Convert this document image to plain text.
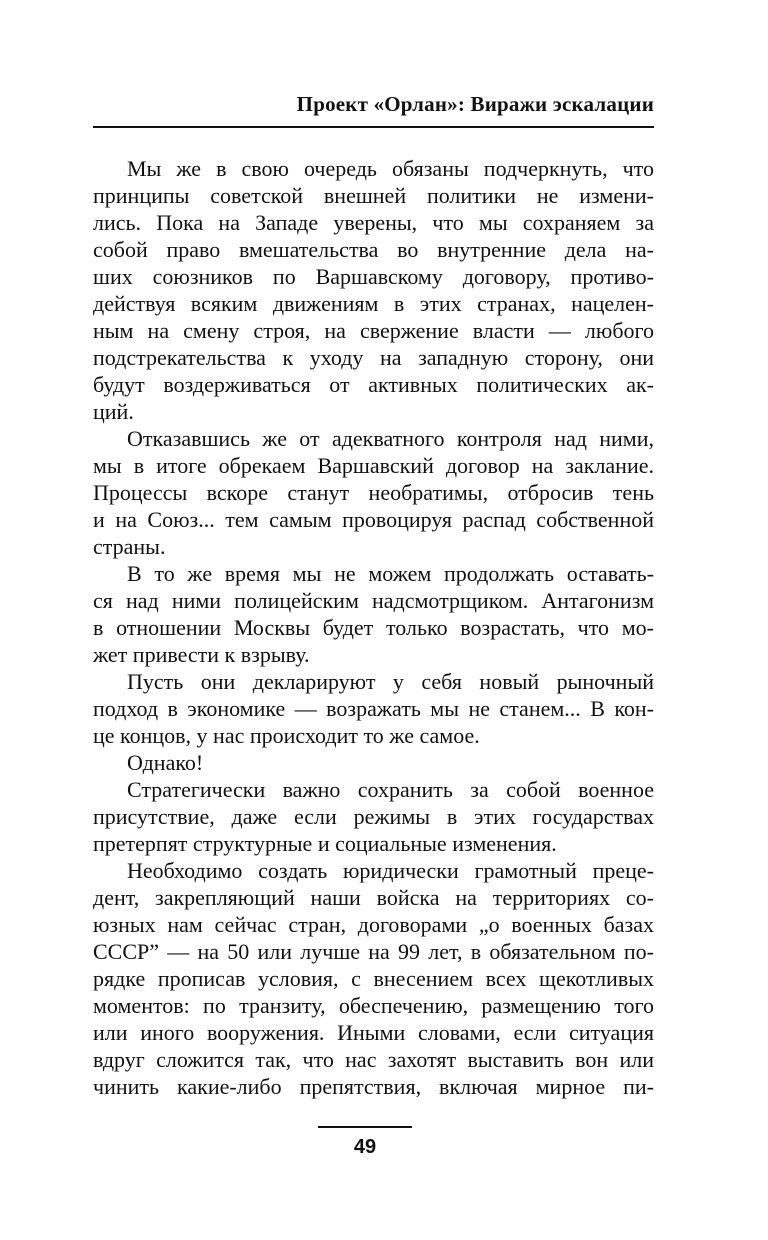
Проект «Орлан»: Виражи эскалации
Мы же в свою очередь обязаны подчеркнуть, что
принципы советской внешней политики не измени-
лись. Пока на Западе уверены, что мы сохраняем за
собой право вмешательства во внутренние дела на-
ших союзников по Варшавскому договору, противо-
действуя всяким движениям в этих странах, нацелен-
ным на смену строя, на свержение власти — любого
подстрекательства к уходу на западную сторону, они
будут воздерживаться от активных политических ак-
ций.
Отказавшись же от адекватного контроля над ними,
мы в итоге обрекаем Варшавский договор на заклание.
Процессы вскоре станут необратимы, отбросив тень
и на Союз... тем самым провоцируя распад собственной
страны.
В то же время мы не можем продолжать оставать-
ся над ними полицейским надсмотрщиком. Антагонизм
в отношении Москвы будет только возрастать, что мо-
жет привести к взрыву.
Пусть они декларируют у себя новый рыночный
подход в экономике — возражать мы не станем... В кон-
це концов, у нас происходит то же самое.
Однако!
Стратегически важно сохранить за собой военное
присутствие, даже если режимы в этих государствах
претерпят структурные и социальные изменения.
Необходимо создать юридически грамотный преце-
дент, закрепляющий наши войска на территориях со-
юзных нам сейчас стран, договорами „о военных базах
СССР” — на 50 или лучше на 99 лет, в обязательном по-
рядке прописав условия, с внесением всех щекотливых
моментов: по транзиту, обеспечению, размещению того
или иного вооружения. Иными словами, если ситуация
вдруг сложится так, что нас захотят выставить вон или
чинить какие-либо препятствия, включая мирное пи-
49
